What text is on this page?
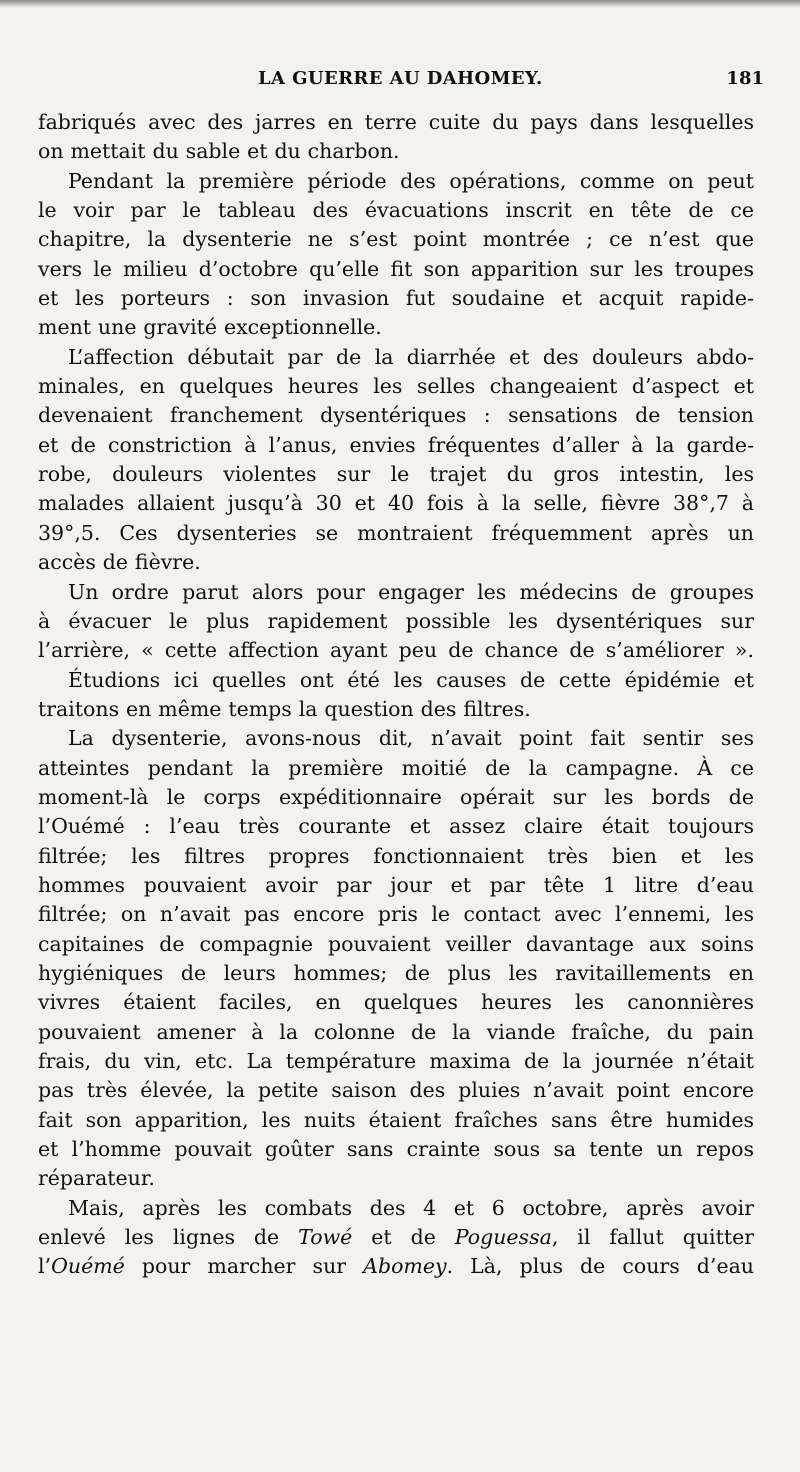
LA GUERRE AU DAHOMEY.	181

fabriqués avec des jarres en terre cuite du pays dans lesquelles
on mettait du sable et du charbon.

Pendant la première période des opérations, comme on peut
le voir par le tableau des évacuations inscrit en tête de ce
chapitre, la dysenterie ne s’est point montrée ; ce n’est que
vers le milieu d’octobre qu’elle fit son apparition sur les troupes
et les porteurs : son invasion fut soudaine et acquit rapide-
ment une gravité exceptionnelle.

L’affection débutait par de la diarrhée et des douleurs abdo-
minales, en quelques heures les selles changeaient d’aspect et
devenaient franchement dysentériques : sensations de tension
et de constriction à l’anus, envies fréquentes d’aller à la garde-
robe, douleurs violentes sur le trajet du gros intestin, les
malades allaient jusqu’à 30 et 40 fois à la selle, fièvre 38°,7 à
39°,5. Ces dysenteries se montraient fréquemment après un
accès de fièvre.

Un ordre parut alors pour engager les médecins de groupes
à évacuer le plus rapidement possible les dysentériques sur
l’arrière, « cette affection ayant peu de chance de s’améliorer ».

Étudions ici quelles ont été les causes de cette épidémie et
traitons en même temps la question des filtres.

La dysenterie, avons-nous dit, n’avait point fait sentir ses
atteintes pendant la première moitié de la campagne. À ce
moment-là le corps expéditionnaire opérait sur les bords de
l’Ouémé : l’eau très courante et assez claire était toujours
filtrée; les filtres propres fonctionnaient très bien et les
hommes pouvaient avoir par jour et par tête 1 litre d’eau
filtrée; on n’avait pas encore pris le contact avec l’ennemi, les
capitaines de compagnie pouvaient veiller davantage aux soins
hygiéniques de leurs hommes; de plus les ravitaillements en
vivres étaient faciles, en quelques heures les canonnières
pouvaient amener à la colonne de la viande fraîche, du pain
frais, du vin, etc. La température maxima de la journée n’était
pas très élevée, la petite saison des pluies n’avait point encore
fait son apparition, les nuits étaient fraîches sans être humides
et l’homme pouvait goûter sans crainte sous sa tente un repos
réparateur.

Mais, après les combats des 4 et 6 octobre, après avoir
enlevé les lignes de Towé et de Poguessa, il fallut quitter
l’Ouémé pour marcher sur Abomey. Là, plus de cours d’eau
